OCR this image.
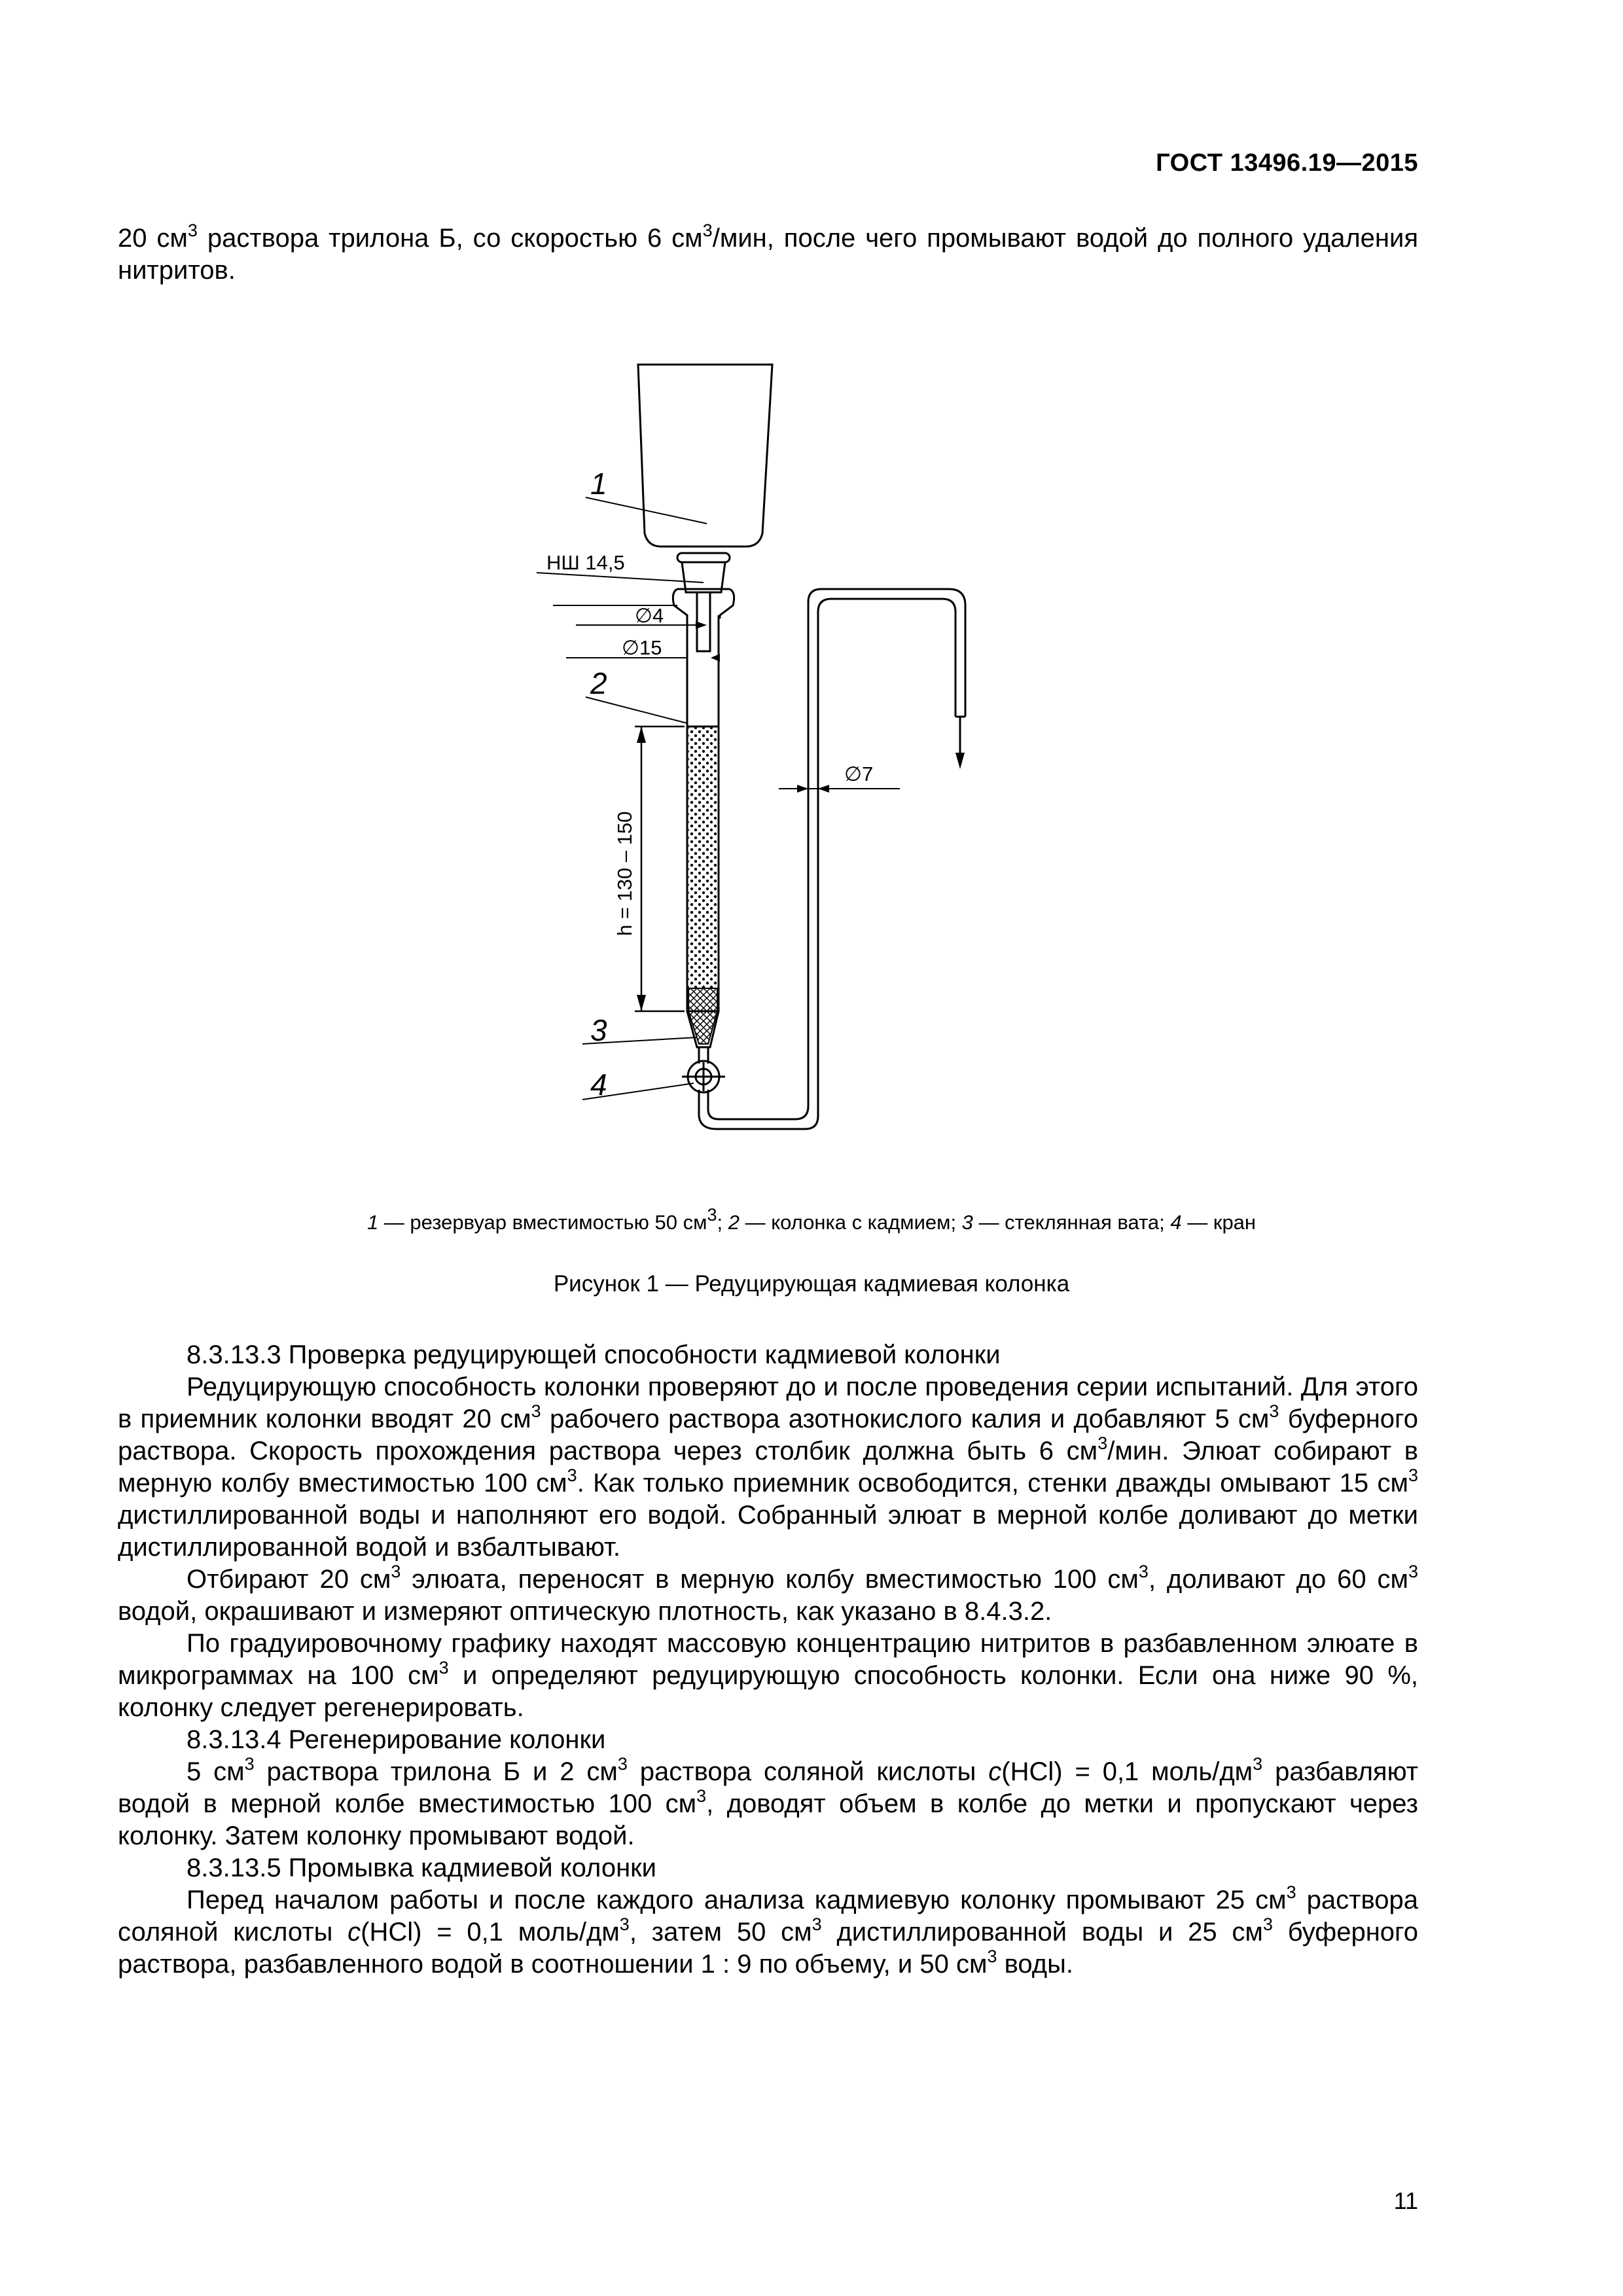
ГОСТ 13496.19—2015

20 $см^3$ раствора трилона Б, со скоростью 6 $см^3$/мин, после чего промывают водой до полного удаления нитритов.

1
НШ 14,5
∅4
∅15
2
∅7
h = 130 – 150
3
4
1 — резервуар вместимостью 50 $см^3$; 2 — колонка с кадмием; 3 — стеклянная вата; 4 — кран
Рисунок 1 — Редуцирующая кадмиевая колонка

8.3.13.3 Проверка редуцирующей способности кадмиевой колонки

Редуцирующую способность колонки проверяют до и после проведения серии испытаний. Для этого в приемник колонки вводят 20 $см^3$ рабочего раствора азотнокислого калия и добавляют 5 $см^3$ буферного раствора. Скорость прохождения раствора через столбик должна быть 6 $см^3$/мин. Элюат собирают в мерную колбу вместимостью 100 $см^3$. Как только приемник освободится, стенки дважды омывают 15 $см^3$ дистиллированной воды и наполняют его водой. Собранный элюат в мерной колбе доливают до метки дистиллированной водой и взбалтывают.

Отбирают 20 $см^3$ элюата, переносят в мерную колбу вместимостью 100 $см^3$, доливают до 60 $см^3$ водой, окрашивают и измеряют оптическую плотность, как указано в 8.4.3.2.

По градуировочному графику находят массовую концентрацию нитритов в разбавленном элюате в микрограммах на 100 $см^3$ и определяют редуцирующую способность колонки. Если она ниже 90 %, колонку следует регенерировать.

8.3.13.4 Регенерирование колонки

5 $см^3$ раствора трилона Б и 2 $см^3$ раствора соляной кислоты c(HCl) = 0,1 моль/$дм^3$ разбавляют водой в мерной колбе вместимостью 100 $см^3$, доводят объем в колбе до метки и пропускают через колонку. Затем колонку промывают водой.

8.3.13.5 Промывка кадмиевой колонки

Перед началом работы и после каждого анализа кадмиевую колонку промывают 25 $см^3$ раствора соляной кислоты c(HCl) = 0,1 моль/$дм^3$, затем 50 $см^3$ дистиллированной воды и 25 $см^3$ буферного раствора, разбавленного водой в соотношении 1 : 9 по объему, и 50 $см^3$ воды.

11
